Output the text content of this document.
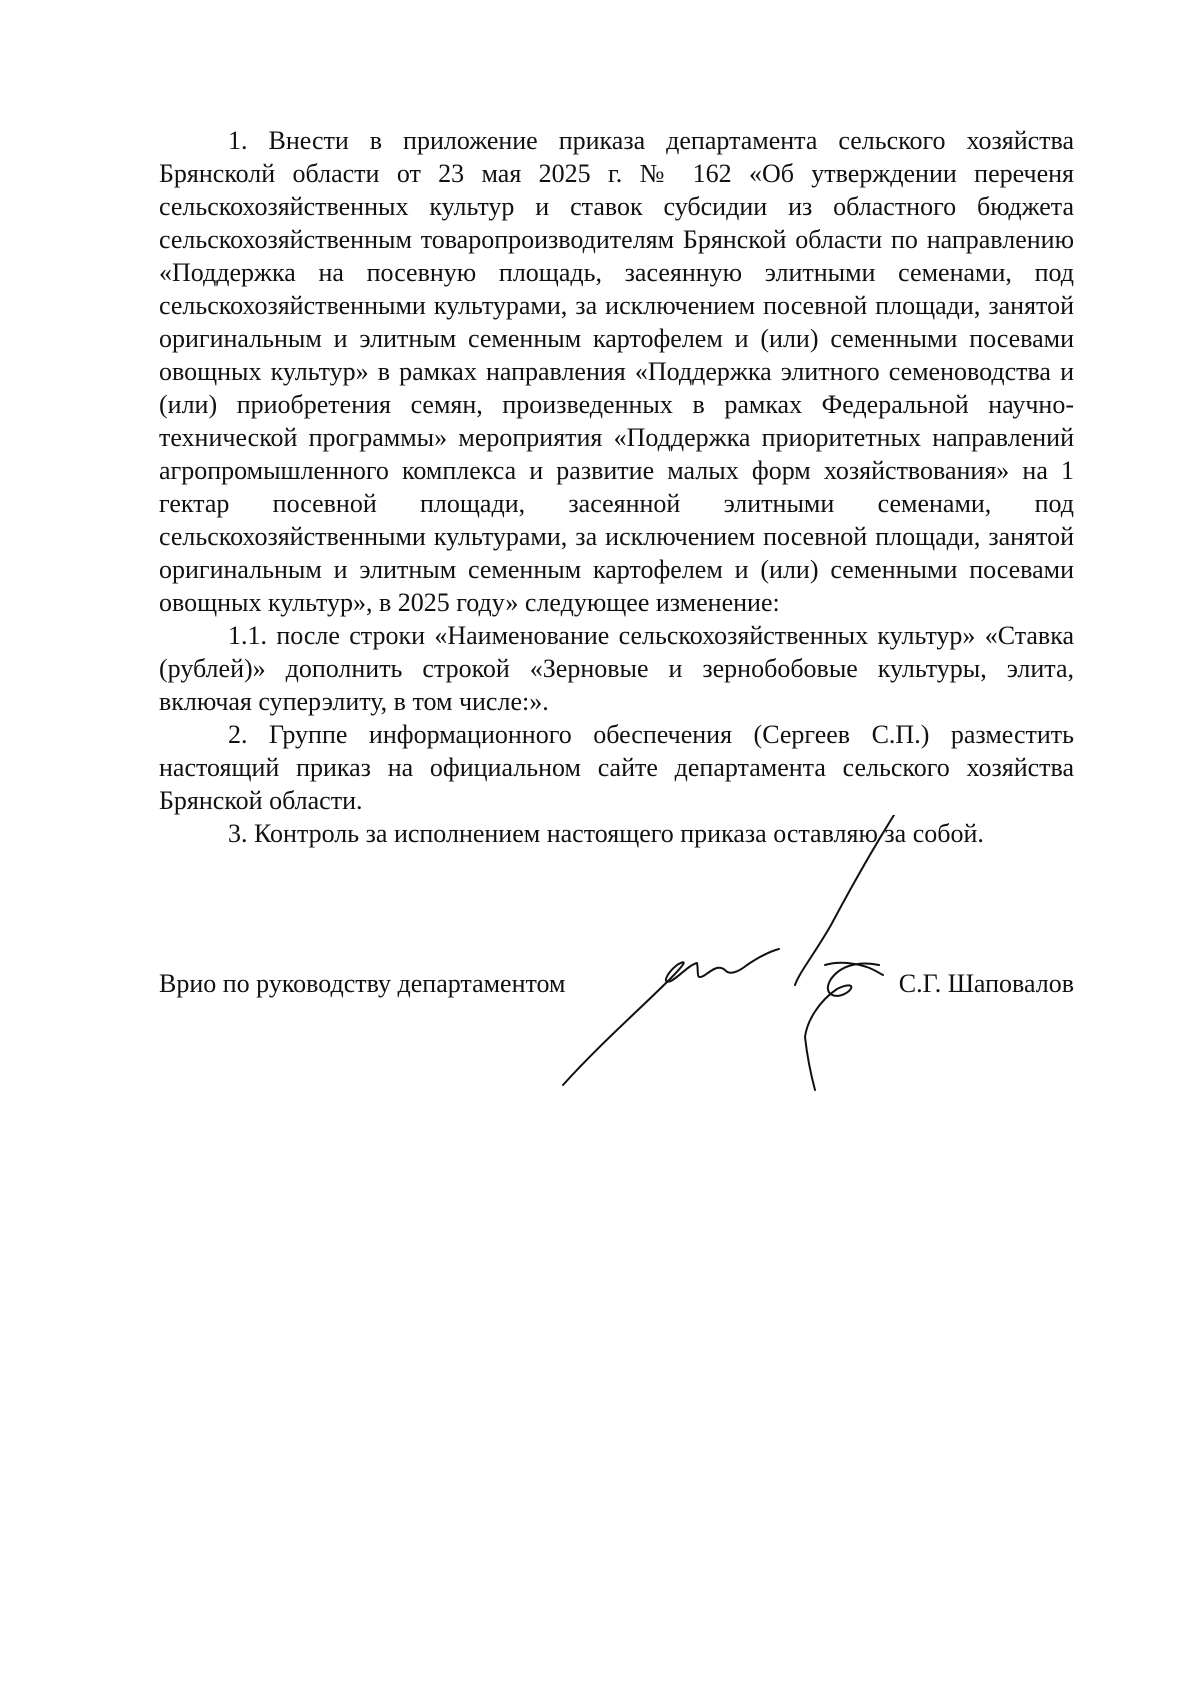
1. Внести в приложение приказа департамента сельского хозяйства Брянсколй области от 23 мая 2025 г. № 162 «Об утверждении переченя сельскохозяйственных культур и ставок субсидии из областного бюджета сельскохозяйственным товаропроизводителям Брянской области по направлению «Поддержка на посевную площадь, засеянную элитными семенами, под сельскохозяйственными культурами, за исключением посевной площади, занятой оригинальным и элитным семенным картофелем и (или) семенными посевами овощных культур» в рамках направления «Поддержка элитного семеноводства и (или) приобретения семян, произведенных в рамках Федеральной научно-технической программы» мероприятия «Поддержка приоритетных направлений агропромышленного комплекса и развитие малых форм хозяйствования» на 1 гектар посевной площади, засеянной элитными семенами, под сельскохозяйственными культурами, за исключением посевной площади, занятой оригинальным и элитным семенным картофелем и (или) семенными посевами овощных культур», в 2025 году» следующее изменение:

1.1. после строки «Наименование сельскохозяйственных культур» «Ставка (рублей)» дополнить строкой «Зерновые и зернобобовые культуры, элита, включая суперэлиту, в том числе:».

2. Группе информационного обеспечения (Сергеев С.П.) разместить настоящий приказ на официальном сайте департамента сельского хозяйства Брянской области.

3. Контроль за исполнением настоящего приказа оставляю за собой.

Врио по руководству департаментом	С.Г. Шаповалов
